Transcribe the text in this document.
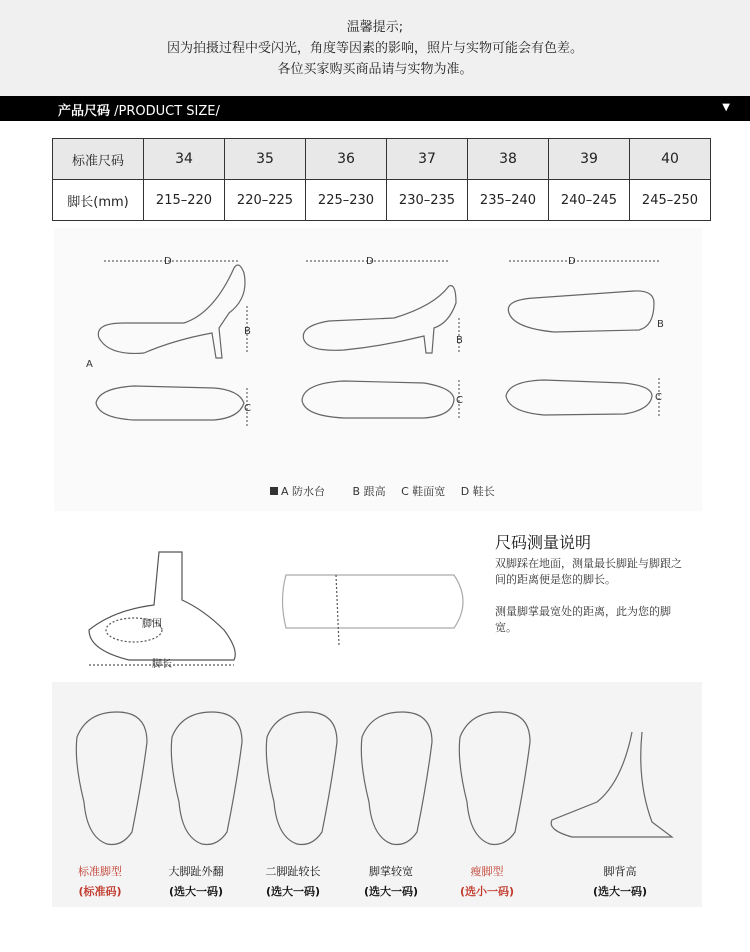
温馨提示;
因为拍摄过程中受闪光，角度等因素的影响，照片与实物可能会有色差。
各位买家购买商品请与实物为准。
产品尺码 /PRODUCT SIZE/	▼
标准尺码	34	35	36	37	38	39	40
脚长(mm)	215–220	220–225	225–230	230–235	235–240	240–245	245–250
D	D	D
B
B
B
A
C
C	C
A 防水台	B 跟高 C 鞋面宽 D 鞋长
脚围
脚长
尺码测量说明
双脚踩在地面，测量最长脚趾与脚跟之间的距离便是您的脚长。
测量脚掌最宽处的距离，此为您的脚宽。
标准脚型
(标准码)
大脚趾外翻
(选大一码)
二脚趾较长
(选大一码)
脚掌较宽
(选大一码)
瘦脚型
(选小一码)
脚背高
(选大一码)
